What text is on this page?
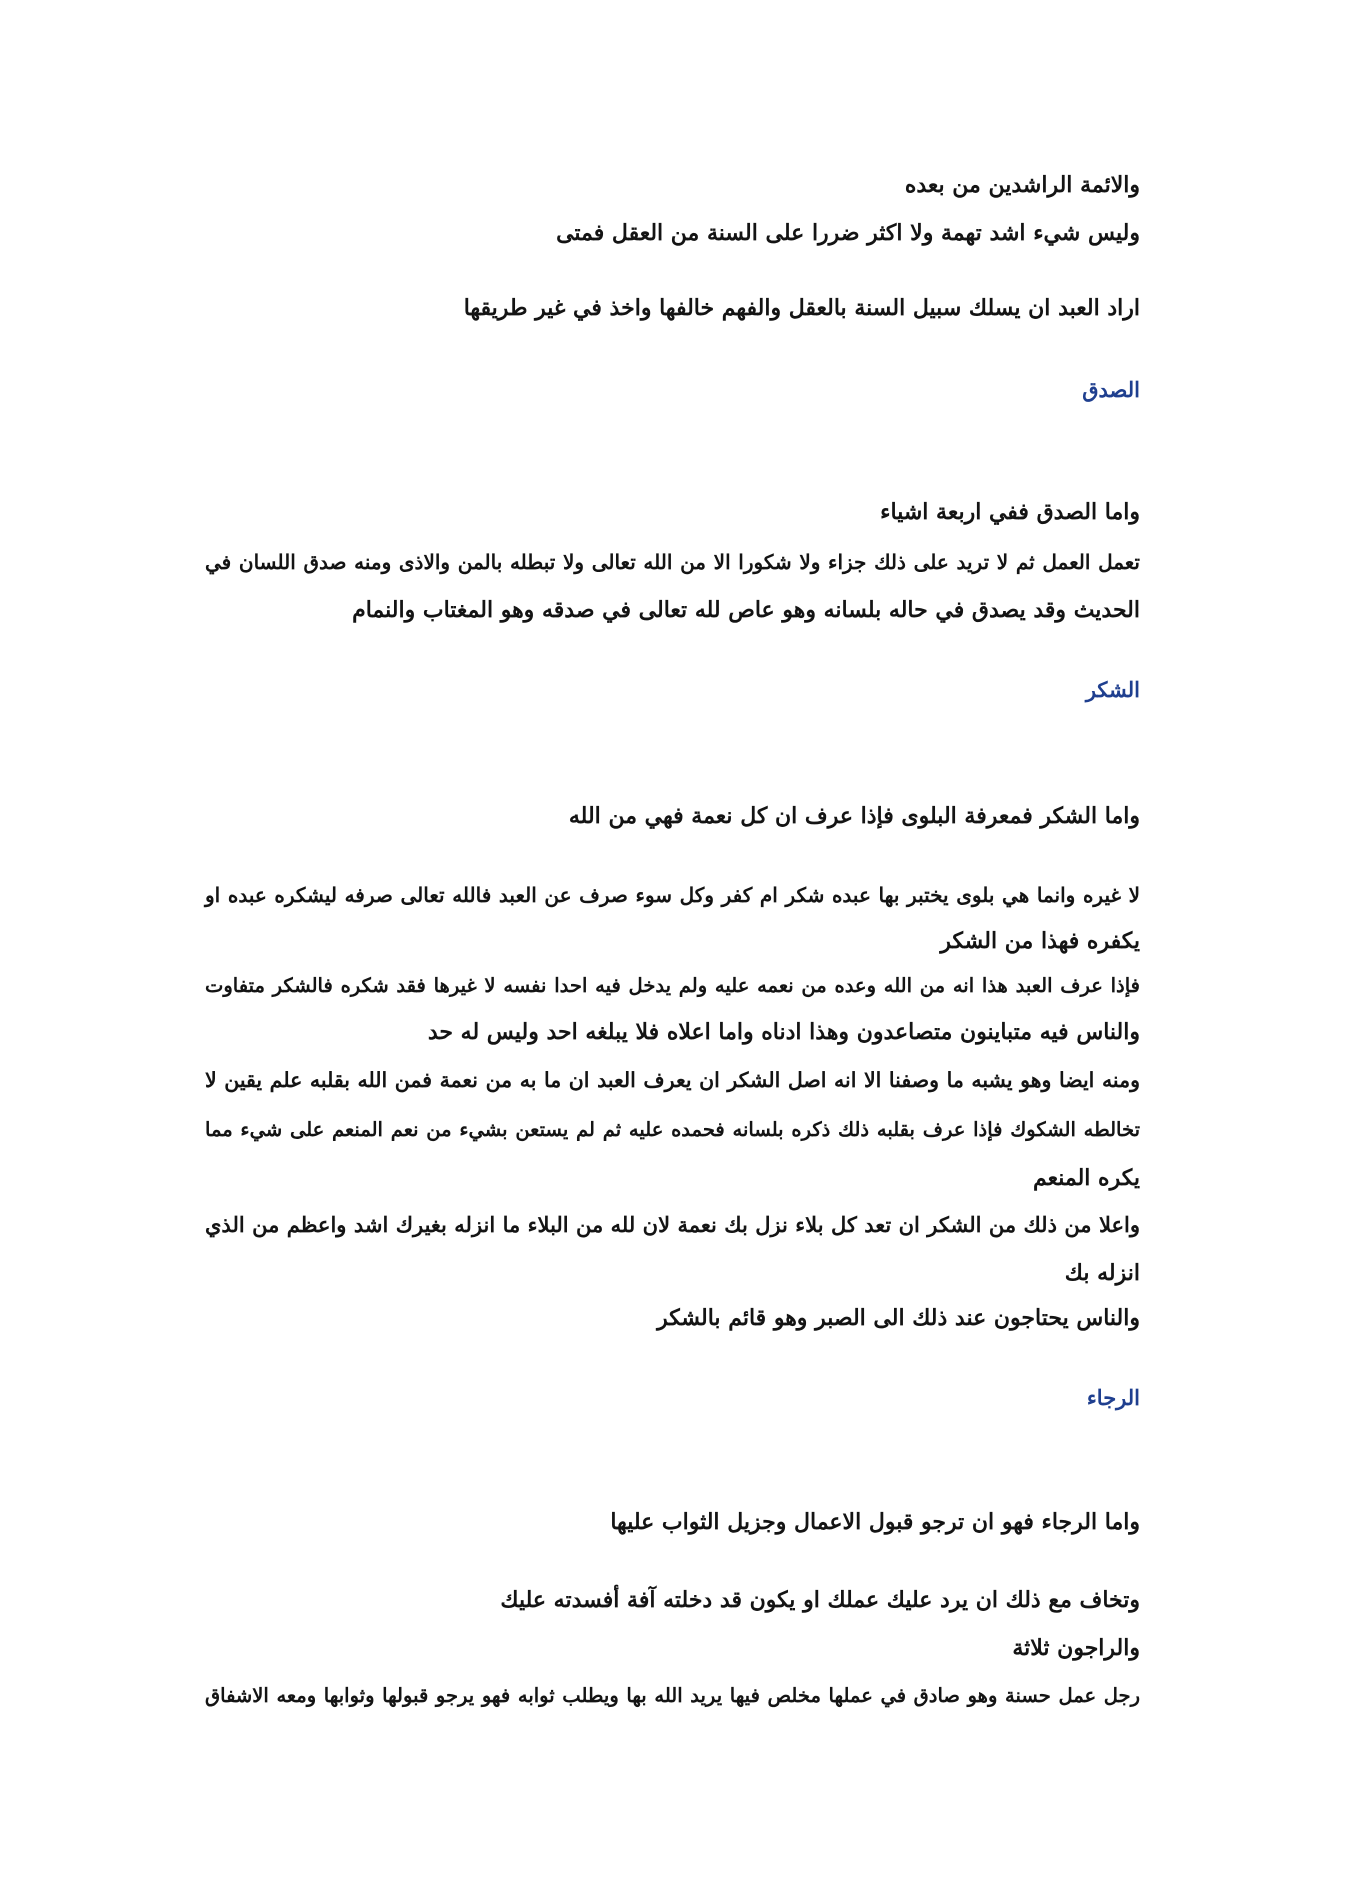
والائمة الراشدين من بعده
وليس شيء اشد تهمة ولا اكثر ضررا على السنة من العقل فمتى
اراد العبد ان يسلك سبيل السنة بالعقل والفهم خالفها واخذ في غير طريقها
الصدق
واما الصدق ففي اربعة اشياء
تعمل العمل ثم لا تريد على ذلك جزاء ولا شكورا الا من الله تعالى ولا تبطله بالمن والاذى ومنه صدق اللسان في
الحديث وقد يصدق في حاله بلسانه وهو عاص لله تعالى في صدقه وهو المغتاب والنمام
الشكر
واما الشكر فمعرفة البلوى فإذا عرف ان كل نعمة فهي من الله
لا غيره وانما هي بلوى يختبر بها عبده شكر ام كفر وكل سوء صرف عن العبد فالله تعالى صرفه ليشكره عبده او
يكفره فهذا من الشكر
فإذا عرف العبد هذا انه من الله وعده من نعمه عليه ولم يدخل فيه احدا نفسه لا غيرها فقد شكره فالشكر متفاوت
والناس فيه متباينون متصاعدون وهذا ادناه واما اعلاه فلا يبلغه احد وليس له حد
ومنه ايضا وهو يشبه ما وصفنا الا انه اصل الشكر ان يعرف العبد ان ما به من نعمة فمن الله بقلبه علم يقين لا
تخالطه الشكوك فإذا عرف بقلبه ذلك ذكره بلسانه فحمده عليه ثم لم يستعن بشيء من نعم المنعم على شيء مما
يكره المنعم
واعلا من ذلك من الشكر ان تعد كل بلاء نزل بك نعمة لان لله من البلاء ما انزله بغيرك اشد واعظم من الذي
انزله بك
والناس يحتاجون عند ذلك الى الصبر وهو قائم بالشكر
الرجاء
واما الرجاء فهو ان ترجو قبول الاعمال وجزيل الثواب عليها
وتخاف مع ذلك ان يرد عليك عملك او يكون قد دخلته آفة أفسدته عليك
والراجون ثلاثة
رجل عمل حسنة وهو صادق في عملها مخلص فيها يريد الله بها ويطلب ثوابه فهو يرجو قبولها وثوابها ومعه الاشفاق
